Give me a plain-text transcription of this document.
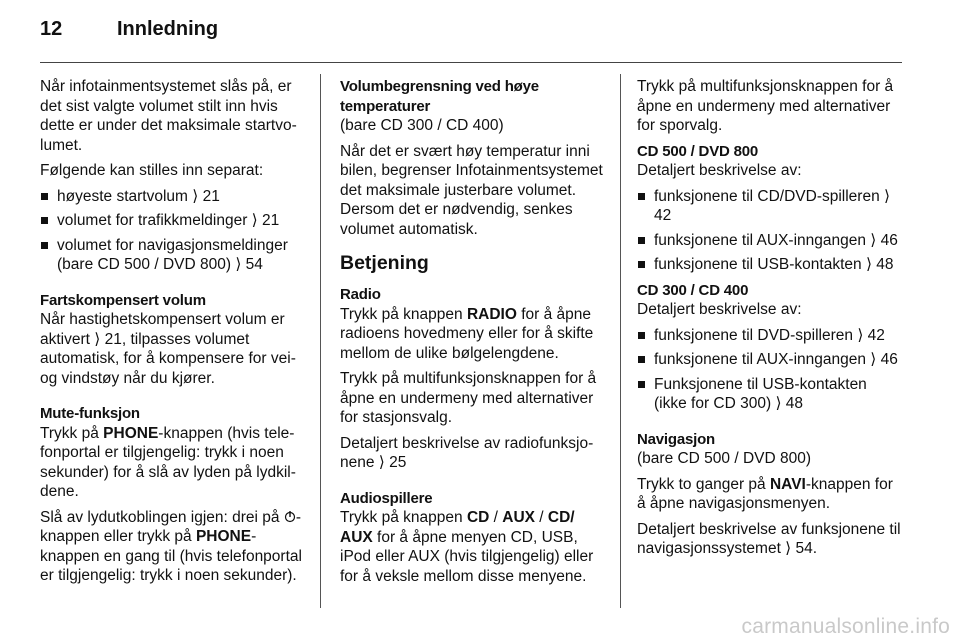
12	Innledning

Når infotainmentsystemet slås på, er det sist valgte volumet stilt inn hvis dette er under det maksimale startvolumet.

Følgende kan stilles inn separat:

høyeste startvolum ⟩ 21
volumet for trafikkmeldinger ⟩ 21
volumet for navigasjonsmeldinger (bare CD 500 / DVD 800) ⟩ 54
Fartskompensert volum

Når hastighetskompensert volum er aktivert ⟩ 21, tilpasses volumet automatisk, for å kompensere for veiog vindstøy når du kjører.

Mute-funksjon

Trykk på PHONE-knappen (hvis telefonportal er tilgjengelig: trykk i noen sekunder) for å slå av lyden på lydkildene.

Slå av lydutkoblingen igjen: drei på -knappen eller trykk på PHONE-knappen en gang til (hvis telefonportal er tilgjengelig: trykk i noen sekunder).

Volumbegrensning ved høye temperaturer

(bare CD 300 / CD 400)

Når det er svært høy temperatur inni bilen, begrenser Infotainmentsystemet det maksimale justerbare volumet. Dersom det er nødvendig, senkes volumet automatisk.

Betjening
Radio

Trykk på knappen RADIO for å åpne radioens hovedmeny eller for å skifte mellom de ulike bølgelengdene.

Trykk på multifunksjonsknappen for å åpne en undermeny med alternativer for stasjonsvalg.

Detaljert beskrivelse av radiofunksjonene ⟩ 25

Audiospillere

Trykk på knappen CD / AUX / CD/ AUX for å åpne menyen CD, USB, iPod eller AUX (hvis tilgjengelig) eller for å veksle mellom disse menyene.

Trykk på multifunksjonsknappen for å åpne en undermeny med alternativer for sporvalg.

CD 500 / DVD 800

Detaljert beskrivelse av:

funksjonene til CD/DVD-spilleren ⟩ 42
funksjonene til AUX-inngangen ⟩ 46
funksjonene til USB-kontakten ⟩ 48
CD 300 / CD 400

Detaljert beskrivelse av:

funksjonene til DVD-spilleren ⟩ 42
funksjonene til AUX-inngangen ⟩ 46
Funksjonene til USB-kontakten (ikke for CD 300) ⟩ 48
Navigasjon

(bare CD 500 / DVD 800)

Trykk to ganger på NAVI-knappen for å åpne navigasjonsmenyen.

Detaljert beskrivelse av funksjonene til navigasjonssystemet ⟩ 54.

carmanualsonline.info
